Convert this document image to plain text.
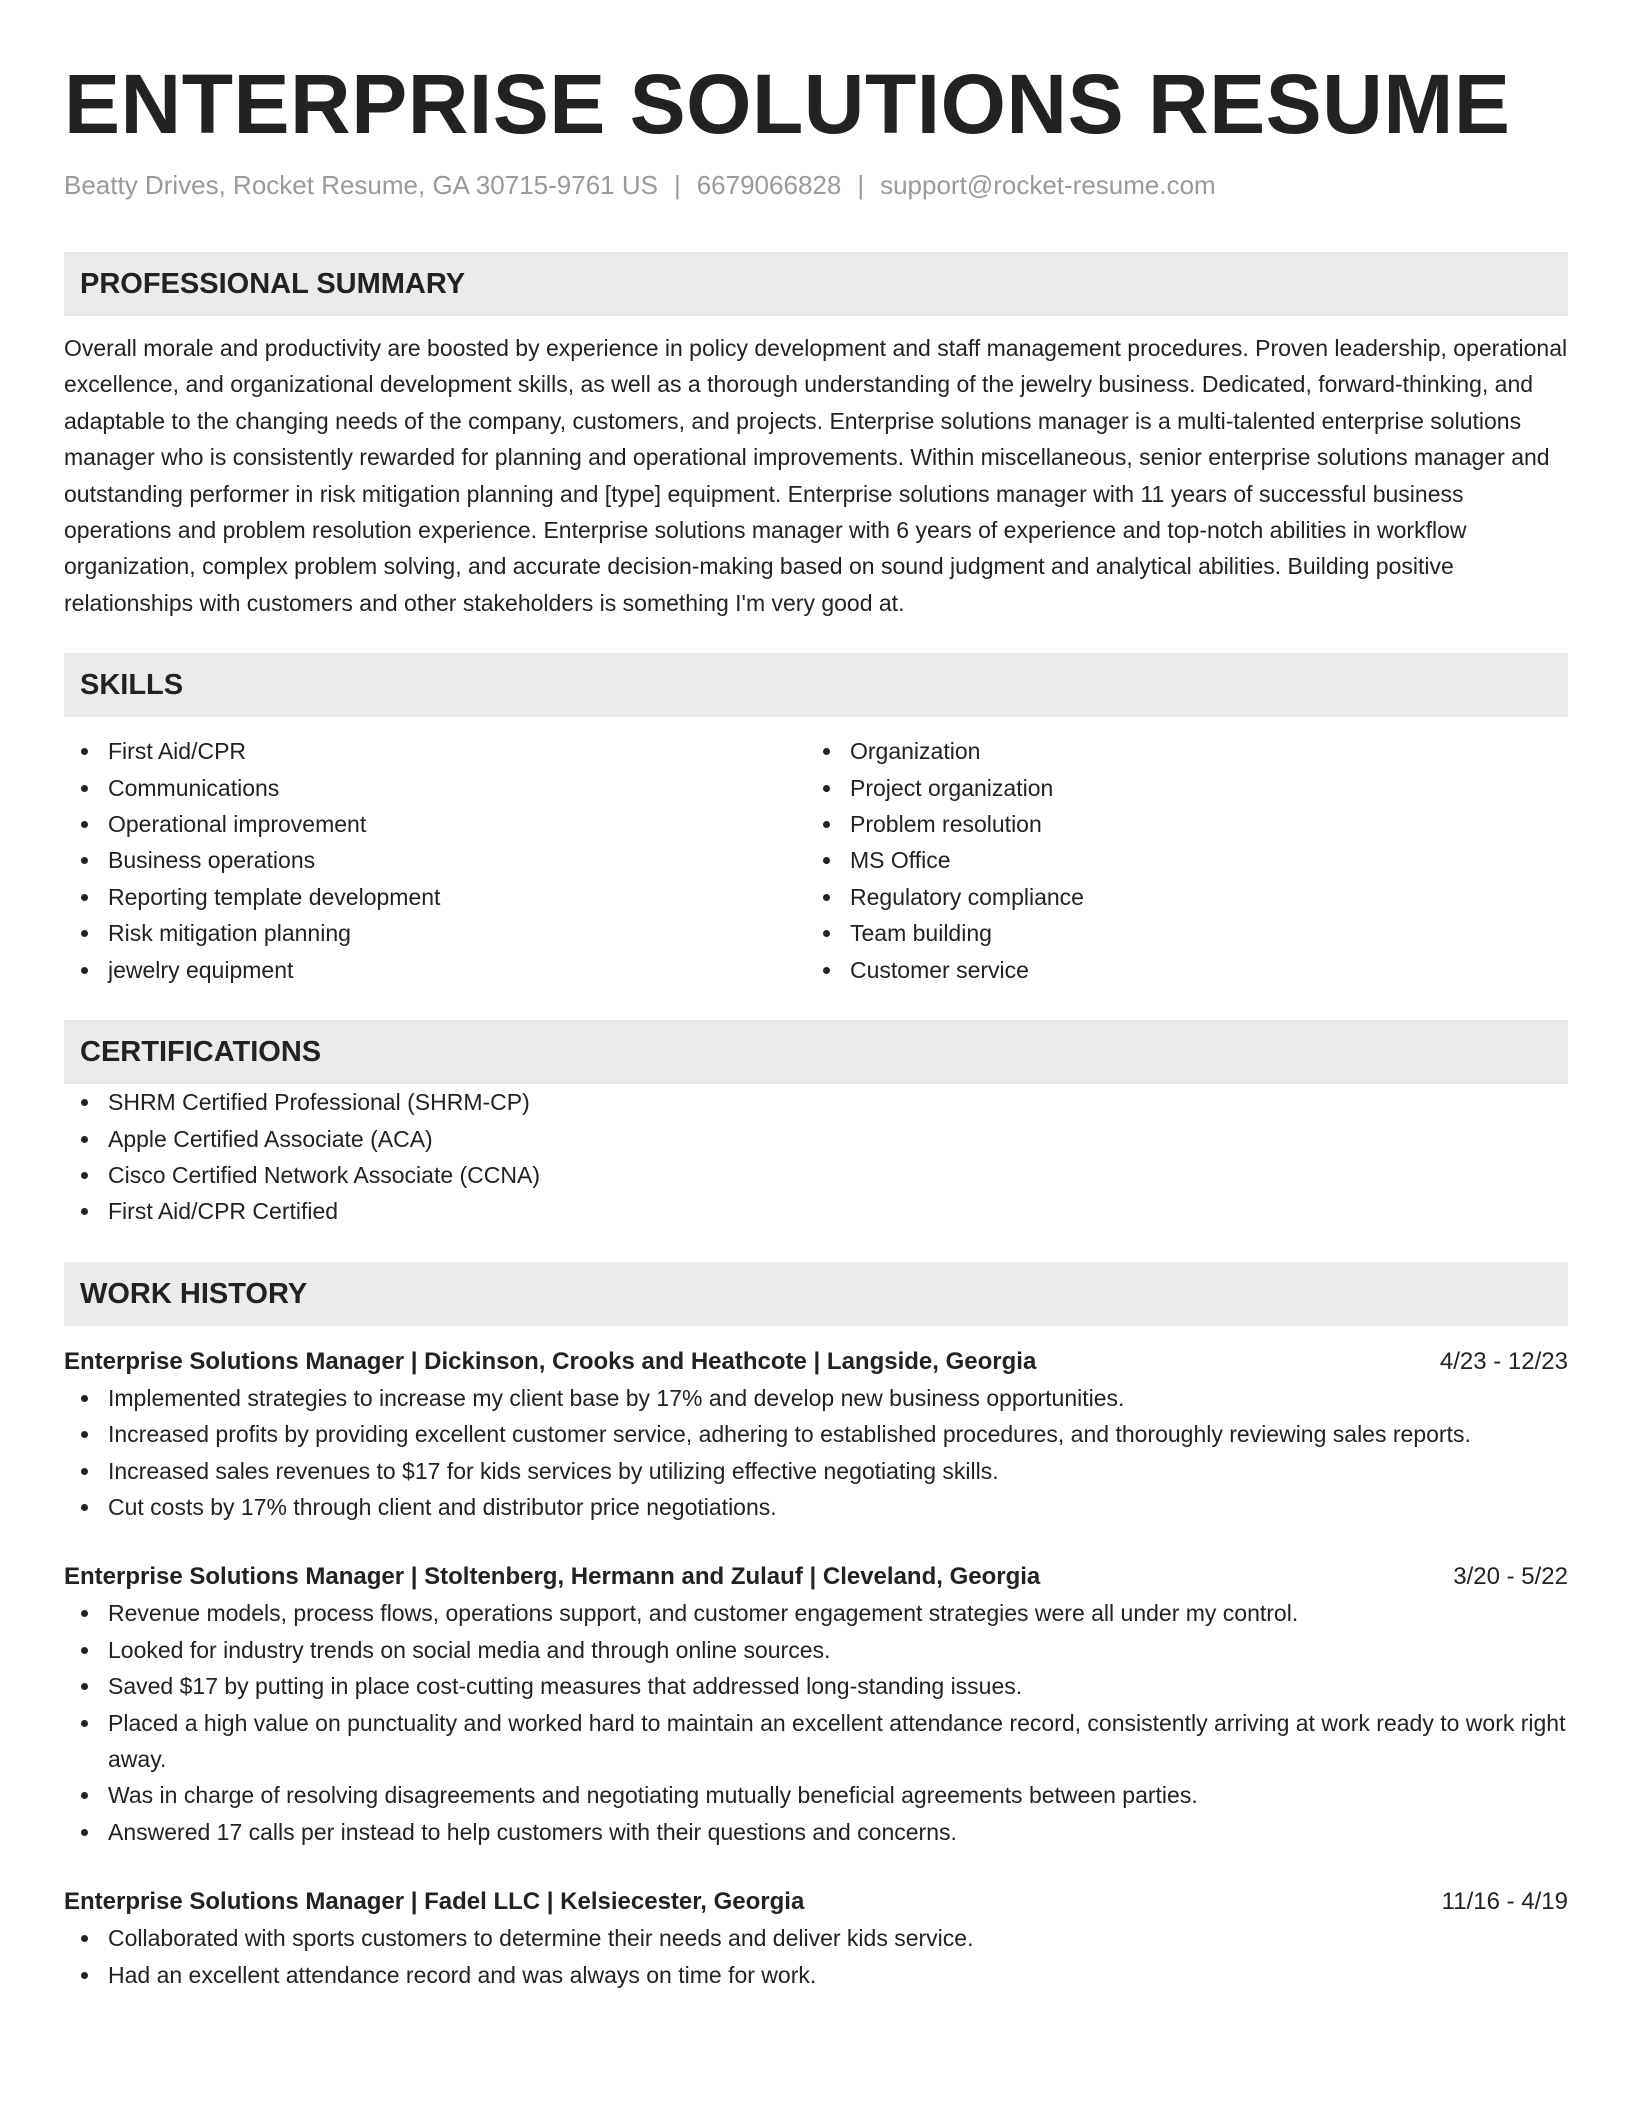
ENTERPRISE SOLUTIONS RESUME
Beatty Drives, Rocket Resume, GA 30715-9761 US | 6679066828 | support@rocket-resume.com
PROFESSIONAL SUMMARY
Overall morale and productivity are boosted by experience in policy development and staff management procedures. Proven leadership, operational excellence, and organizational development skills, as well as a thorough understanding of the jewelry business. Dedicated, forward-thinking, and adaptable to the changing needs of the company, customers, and projects. Enterprise solutions manager is a multi-talented enterprise solutions manager who is consistently rewarded for planning and operational improvements. Within miscellaneous, senior enterprise solutions manager and outstanding performer in risk mitigation planning and [type] equipment. Enterprise solutions manager with 11 years of successful business operations and problem resolution experience. Enterprise solutions manager with 6 years of experience and top-notch abilities in workflow organization, complex problem solving, and accurate decision-making based on sound judgment and analytical abilities. Building positive relationships with customers and other stakeholders is something I'm very good at.
SKILLS
First Aid/CPR
Communications
Operational improvement
Business operations
Reporting template development
Risk mitigation planning
jewelry equipment
Organization
Project organization
Problem resolution
MS Office
Regulatory compliance
Team building
Customer service
CERTIFICATIONS
SHRM Certified Professional (SHRM-CP)
Apple Certified Associate (ACA)
Cisco Certified Network Associate (CCNA)
First Aid/CPR Certified
WORK HISTORY
Enterprise Solutions Manager | Dickinson, Crooks and Heathcote | Langside, Georgia	4/23 - 12/23
Implemented strategies to increase my client base by 17% and develop new business opportunities.
Increased profits by providing excellent customer service, adhering to established procedures, and thoroughly reviewing sales reports.
Increased sales revenues to $17 for kids services by utilizing effective negotiating skills.
Cut costs by 17% through client and distributor price negotiations.
Enterprise Solutions Manager | Stoltenberg, Hermann and Zulauf | Cleveland, Georgia	3/20 - 5/22
Revenue models, process flows, operations support, and customer engagement strategies were all under my control.
Looked for industry trends on social media and through online sources.
Saved $17 by putting in place cost-cutting measures that addressed long-standing issues.
Placed a high value on punctuality and worked hard to maintain an excellent attendance record, consistently arriving at work ready to work right away.
Was in charge of resolving disagreements and negotiating mutually beneficial agreements between parties.
Answered 17 calls per instead to help customers with their questions and concerns.
Enterprise Solutions Manager | Fadel LLC | Kelsiecester, Georgia	11/16 - 4/19
Collaborated with sports customers to determine their needs and deliver kids service.
Had an excellent attendance record and was always on time for work.
